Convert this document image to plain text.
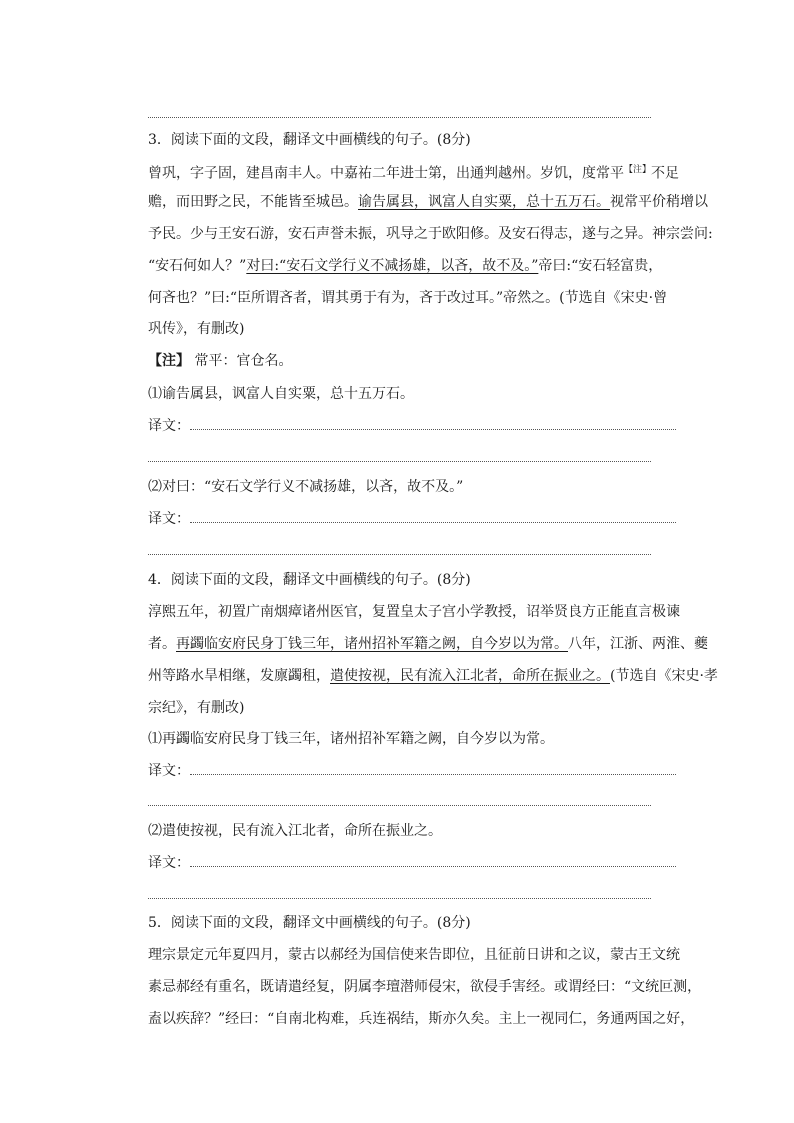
3．阅读下面的文段，翻译文中画横线的句子。(8分)
曾巩，字子固，建昌南丰人。中嘉祐二年进士第，出通判越州。岁饥，度常平$^{【注】}$不足
赡，而田野之民，不能皆至城邑。谕告属县，讽富人自实粟，总十五万石。视常平价稍增以
予民。少与王安石游，安石声誉未振，巩导之于欧阳修。及安石得志，遂与之异。神宗尝问:
“安石何如人？”对曰:“安石文学行义不减扬雄，以吝，故不及。”帝曰:“安石轻富贵，
何吝也？”曰:“臣所谓吝者，谓其勇于有为，吝于改过耳。”帝然之。(节选自《宋史·曾
巩传》，有删改)
【注】 常平：官仓名。
⑴谕告属县，讽富人自实粟，总十五万石。
译文：
⑵对曰：“安石文学行义不减扬雄，以吝，故不及。”
译文：
4．阅读下面的文段，翻译文中画横线的句子。(8分)
淳熙五年，初置广南烟瘴诸州医官，复置皇太子宫小学教授，诏举贤良方正能直言极谏
者。再蠲临安府民身丁钱三年，诸州招补军籍之阙，自今岁以为常。八年，江浙、两淮、夔
州等路水旱相继，发廪蠲租，遣使按视，民有流入江北者，命所在振业之。(节选自《宋史·孝
宗纪》，有删改)
⑴再蠲临安府民身丁钱三年，诸州招补军籍之阙，自今岁以为常。
译文：
⑵遣使按视，民有流入江北者，命所在振业之。
译文：
5．阅读下面的文段，翻译文中画横线的句子。(8分)
理宗景定元年夏四月，蒙古以郝经为国信使来告即位，且征前日讲和之议，蒙古王文统
素忌郝经有重名，既请遣经复，阴属李璮潜师侵宋，欲侵手害经。或谓经曰：“文统叵测，
盍以疾辞？”经曰：“自南北构难，兵连祸结，斯亦久矣。主上一视同仁，务通两国之好，
